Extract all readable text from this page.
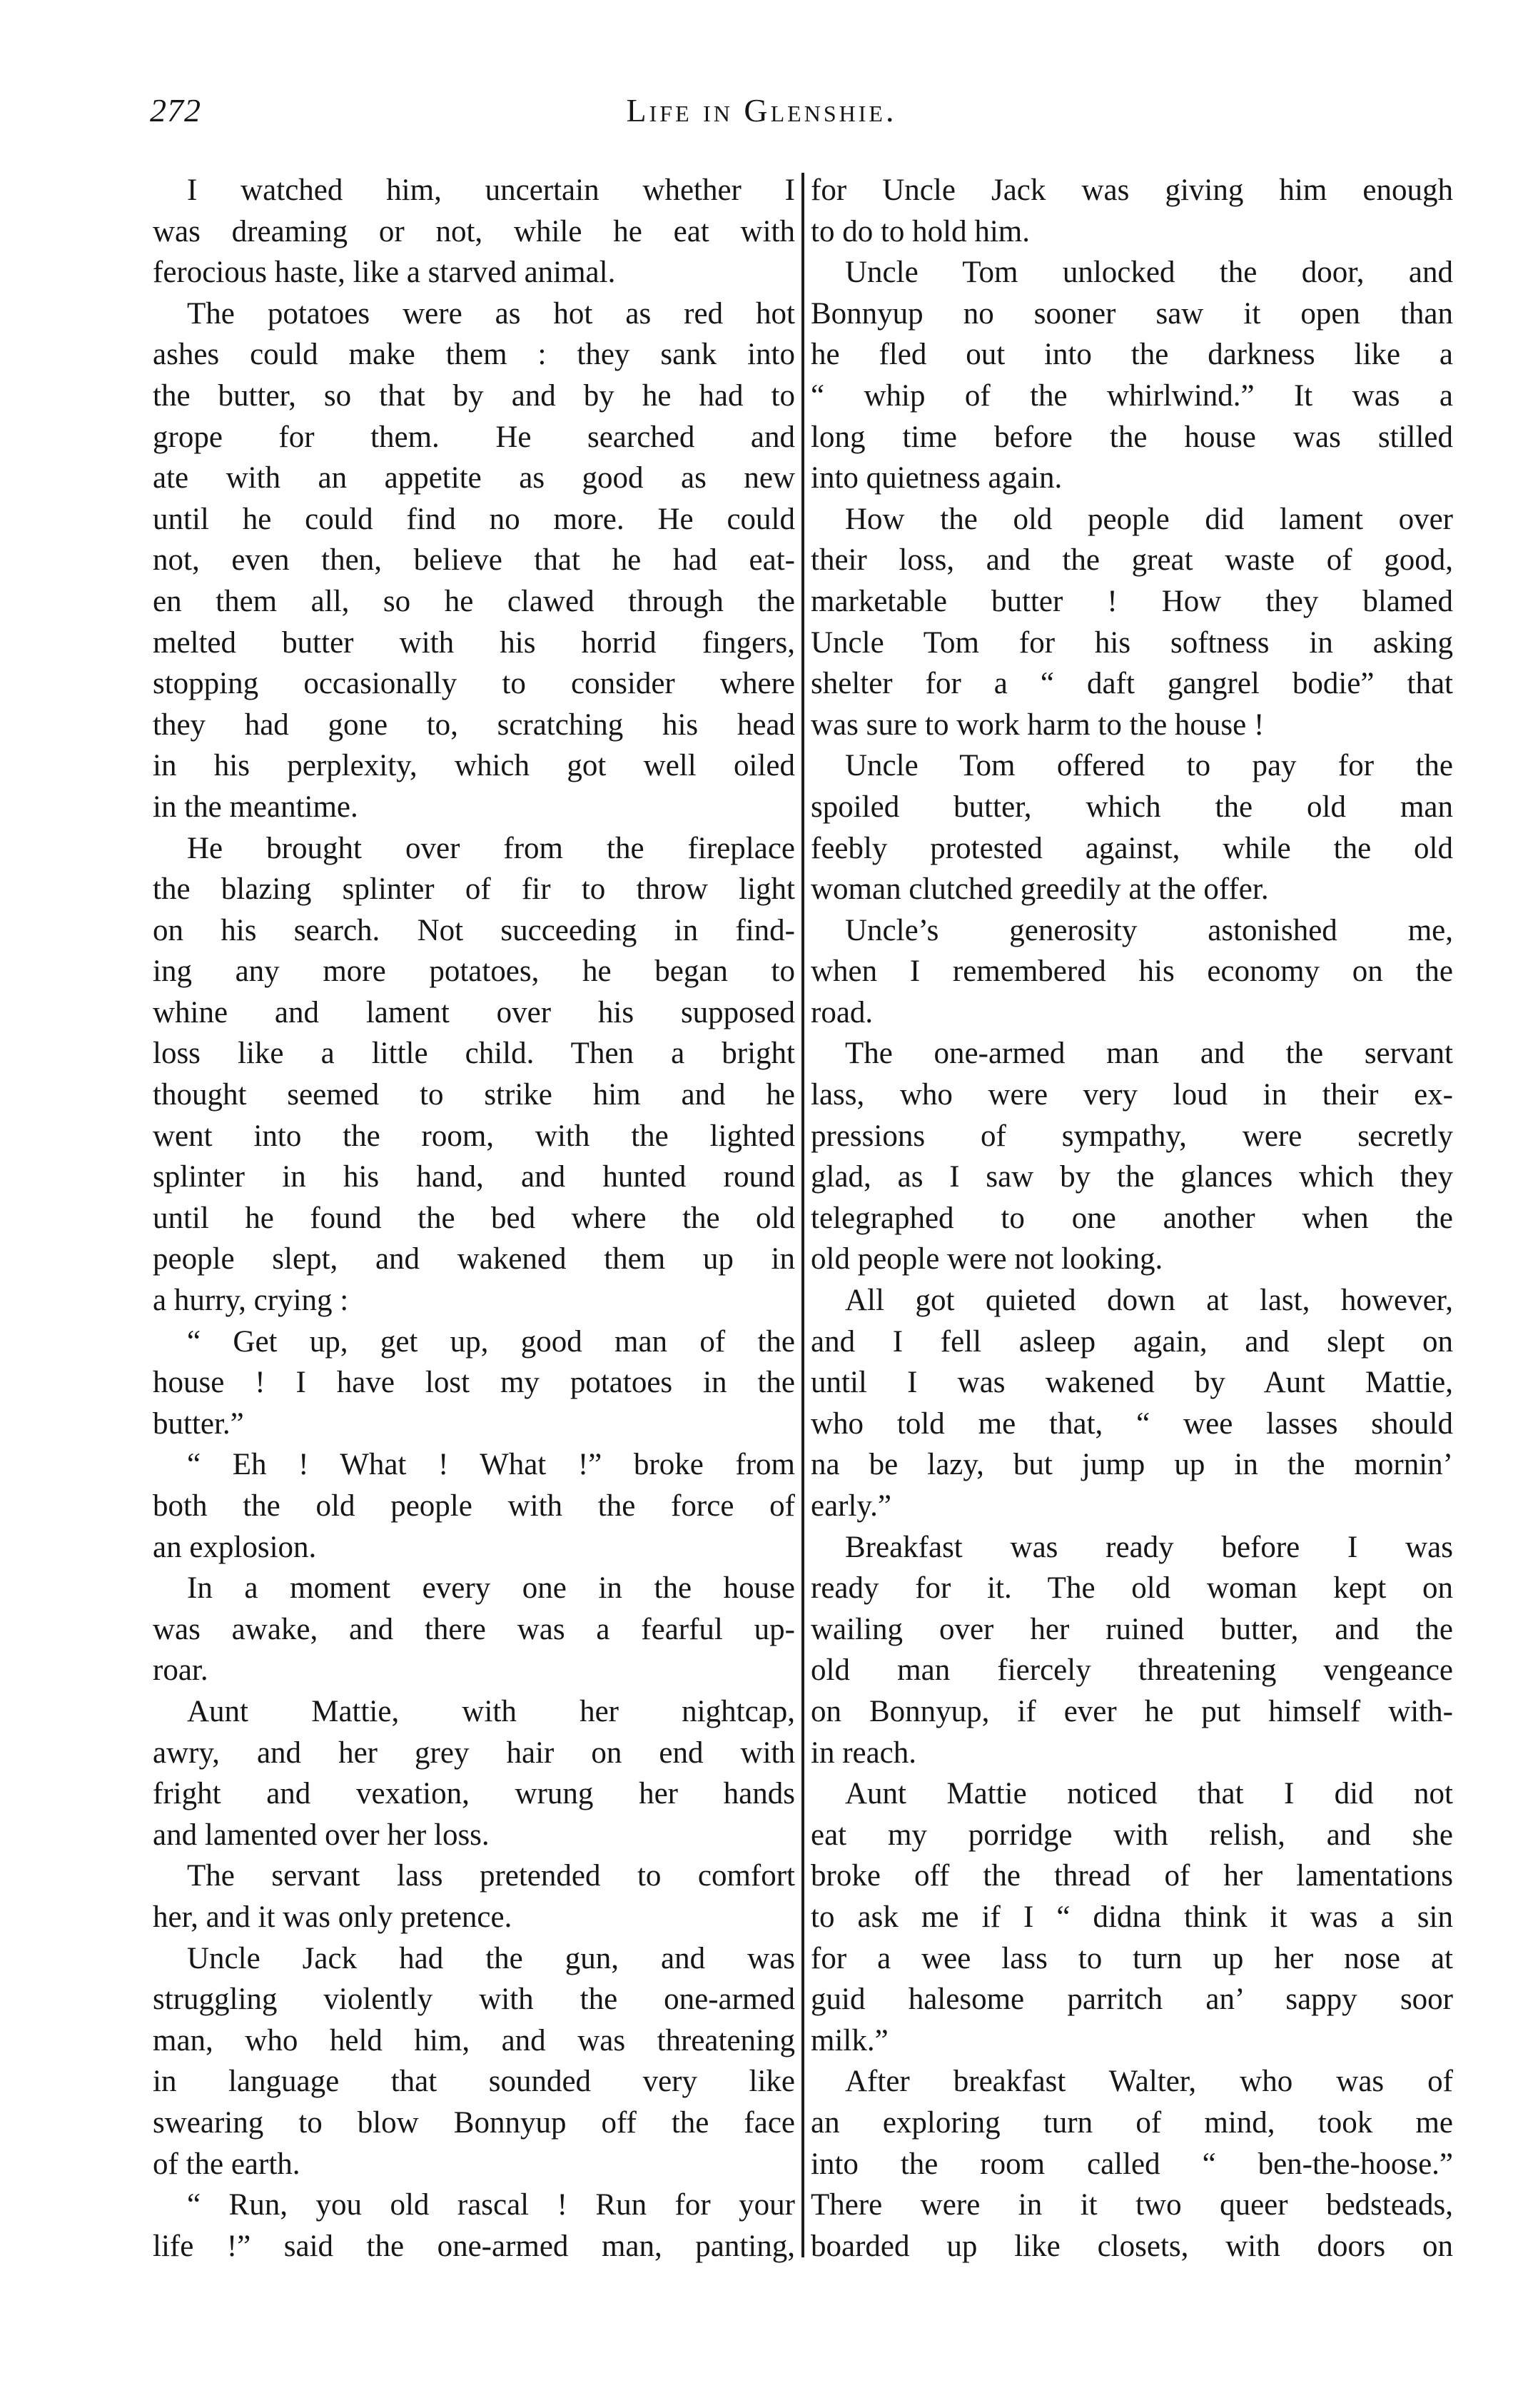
272	Life in Glenshie.
I watched him, uncertain whether I
was dreaming or not, while he eat with
ferocious haste, like a starved animal.
The potatoes were as hot as red hot
ashes could make them : they sank into
the butter, so that by and by he had to
grope for them. He searched and
ate with an appetite as good as new
until he could find no more. He could
not, even then, believe that he had eat-
en them all, so he clawed through the
melted butter with his horrid fingers,
stopping occasionally to consider where
they had gone to, scratching his head
in his perplexity, which got well oiled
in the meantime.
He brought over from the fireplace
the blazing splinter of fir to throw light
on his search. Not succeeding in find-
ing any more potatoes, he began to
whine and lament over his supposed
loss like a little child. Then a bright
thought seemed to strike him and he
went into the room, with the lighted
splinter in his hand, and hunted round
until he found the bed where the old
people slept, and wakened them up in
a hurry, crying :
“ Get up, get up, good man of the
house ! I have lost my potatoes in the
butter.”
“ Eh ! What ! What !” broke from
both the old people with the force of
an explosion.
In a moment every one in the house
was awake, and there was a fearful up-
roar.
Aunt Mattie, with her nightcap,
awry, and her grey hair on end with
fright and vexation, wrung her hands
and lamented over her loss.
The servant lass pretended to comfort
her, and it was only pretence.
Uncle Jack had the gun, and was
struggling violently with the one-armed
man, who held him, and was threatening
in language that sounded very like
swearing to blow Bonnyup off the face
of the earth.
“ Run, you old rascal ! Run for your
life !” said the one-armed man, panting,
for Uncle Jack was giving him enough
to do to hold him.
Uncle Tom unlocked the door, and
Bonnyup no sooner saw it open than
he fled out into the darkness like a
“ whip of the whirlwind.” It was a
long time before the house was stilled
into quietness again.
How the old people did lament over
their loss, and the great waste of good,
marketable butter ! How they blamed
Uncle Tom for his softness in asking
shelter for a “ daft gangrel bodie” that
was sure to work harm to the house !
Uncle Tom offered to pay for the
spoiled butter, which the old man
feebly protested against, while the old
woman clutched greedily at the offer.
Uncle’s generosity astonished me,
when I remembered his economy on the
road.
The one-armed man and the servant
lass, who were very loud in their ex-
pressions of sympathy, were secretly
glad, as I saw by the glances which they
telegraphed to one another when the
old people were not looking.
All got quieted down at last, however,
and I fell asleep again, and slept on
until I was wakened by Aunt Mattie,
who told me that, “ wee lasses should
na be lazy, but jump up in the mornin’
early.”
Breakfast was ready before I was
ready for it. The old woman kept on
wailing over her ruined butter, and the
old man fiercely threatening vengeance
on Bonnyup, if ever he put himself with-
in reach.
Aunt Mattie noticed that I did not
eat my porridge with relish, and she
broke off the thread of her lamentations
to ask me if I “ didna think it was a sin
for a wee lass to turn up her nose at
guid halesome parritch an’ sappy soor
milk.”
After breakfast Walter, who was of
an exploring turn of mind, took me
into the room called “ ben-the-hoose.”
There were in it two queer bedsteads,
boarded up like closets, with doors on
